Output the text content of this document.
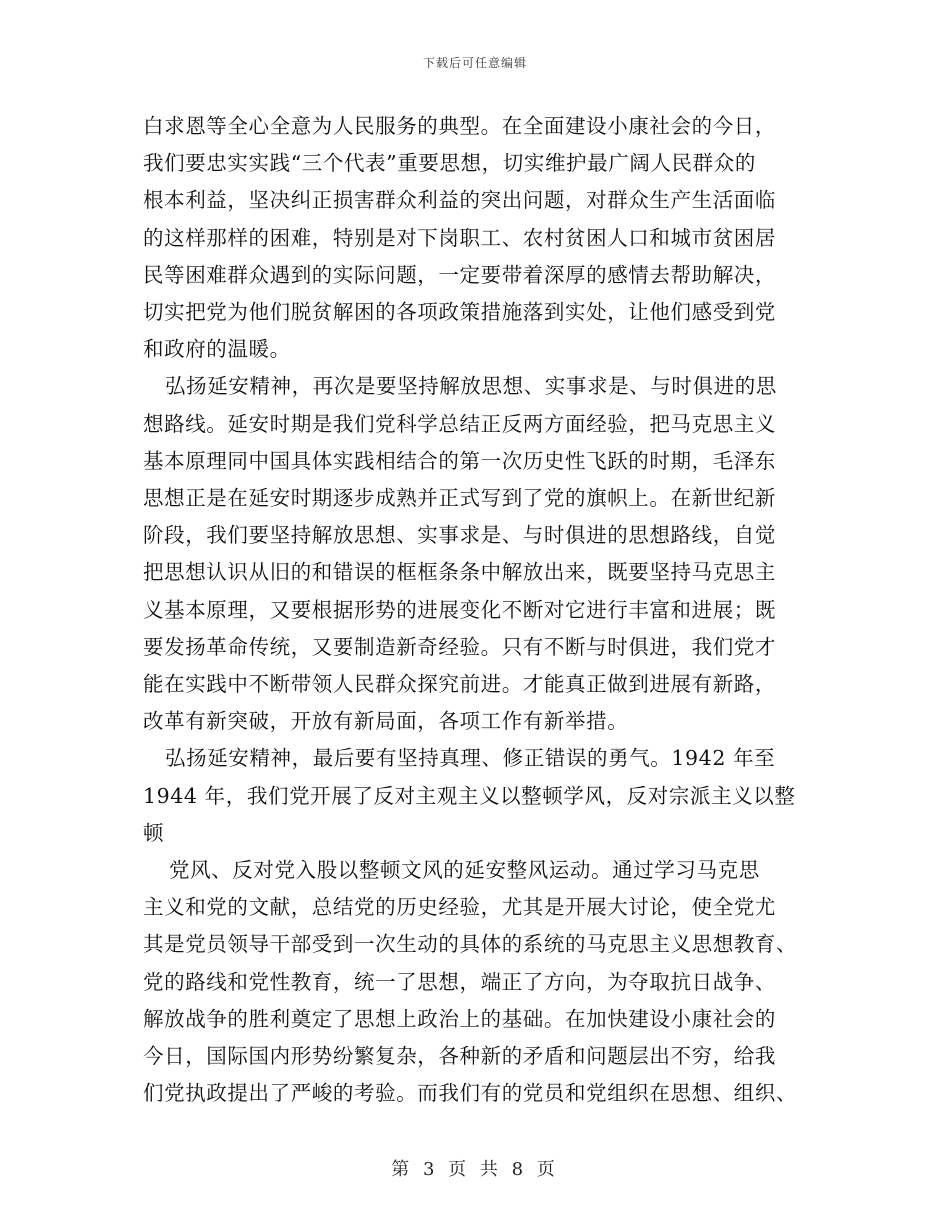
下载后可任意编辑
白求恩等全心全意为人民服务的典型。在全面建设小康社会的今日，
我们要忠实实践“三个代表”重要思想，切实维护最广阔人民群众的
根本利益，坚决纠正损害群众利益的突出问题，对群众生产生活面临
的这样那样的困难，特别是对下岗职工、农村贫困人口和城市贫困居
民等困难群众遇到的实际问题，一定要带着深厚的感情去帮助解决，
切实把党为他们脱贫解困的各项政策措施落到实处，让他们感受到党
和政府的温暖。
弘扬延安精神，再次是要坚持解放思想、实事求是、与时俱进的思
想路线。延安时期是我们党科学总结正反两方面经验，把马克思主义
基本原理同中国具体实践相结合的第一次历史性飞跃的时期，毛泽东
思想正是在延安时期逐步成熟并正式写到了党的旗帜上。在新世纪新
阶段，我们要坚持解放思想、实事求是、与时俱进的思想路线，自觉
把思想认识从旧的和错误的框框条条中解放出来，既要坚持马克思主
义基本原理，又要根据形势的进展变化不断对它进行丰富和进展；既
要发扬革命传统，又要制造新奇经验。只有不断与时俱进，我们党才
能在实践中不断带领人民群众探究前进。才能真正做到进展有新路，
改革有新突破，开放有新局面，各项工作有新举措。
弘扬延安精神，最后要有坚持真理、修正错误的勇气。1942 年至
1944 年，我们党开展了反对主观主义以整顿学风，反对宗派主义以整
顿
党风、反对党入股以整顿文风的延安整风运动。通过学习马克思
主义和党的文献，总结党的历史经验，尤其是开展大讨论，使全党尤
其是党员领导干部受到一次生动的具体的系统的马克思主义思想教育、
党的路线和党性教育，统一了思想，端正了方向，为夺取抗日战争、
解放战争的胜利奠定了思想上政治上的基础。在加快建设小康社会的
今日，国际国内形势纷繁复杂，各种新的矛盾和问题层出不穷，给我
们党执政提出了严峻的考验。而我们有的党员和党组织在思想、组织、
第 3 页 共 8 页
